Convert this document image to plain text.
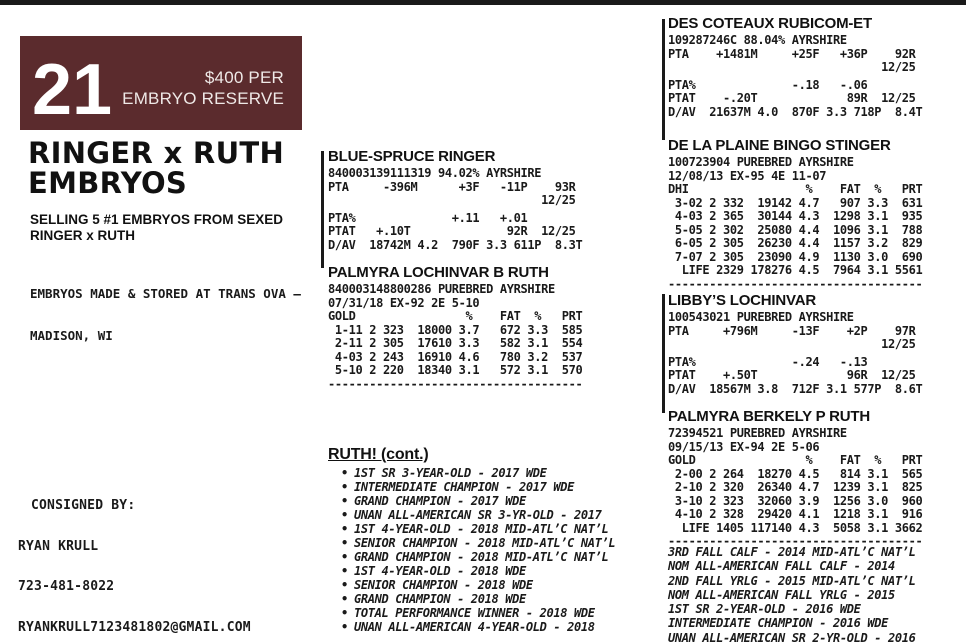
21	$400 PER
EMBRYO RESERVE
RINGER x RUTH
EMBRYOS
SELLING 5 #1 EMBRYOS FROM SEXED
RINGER x RUTH

EMBRYOS MADE & STORED AT TRANS OVA –

MADISON, WI

CONSIGNED BY:

RYAN KRULL

723-481-8022

RYANKRULL7123481802@GMAIL.COM

BLUE-SPRUCE RINGER
840003139111319 94.02% AYRSHIRE
PTA     -396M      +3F   -11P    93R
12/25
PTA%              +.11   +.01
PTAT   +.10T              92R  12/25
D/AV  18742M 4.2  790F 3.3 611P  8.3T
PALMYRA LOCHINVAR B RUTH
840003148800286 PUREBRED AYRSHIRE
07/31/18 EX-92 2E 5-10
GOLD                %    FAT  %   PRT
1-11 2 323  18000 3.7   672 3.3  585
2-11 2 305  17610 3.3   582 3.1  554
4-03 2 243  16910 4.6   780 3.2  537
5-10 2 220  18340 3.1   572 3.1  570
-------------------------------------
RUTH! (cont.)
• 1ST SR 3-YEAR-OLD - 2017 WDE
• INTERMEDIATE CHAMPION - 2017 WDE
• GRAND CHAMPION - 2017 WDE
• UNAN ALL-AMERICAN SR 3-YR-OLD - 2017
• 1ST 4-YEAR-OLD - 2018 MID-ATL’C NAT’L
• SENIOR CHAMPION - 2018 MID-ATL’C NAT’L
• GRAND CHAMPION - 2018 MID-ATL’C NAT’L
• 1ST 4-YEAR-OLD - 2018 WDE
• SENIOR CHAMPION - 2018 WDE
• GRAND CHAMPION - 2018 WDE
• TOTAL PERFORMANCE WINNER - 2018 WDE
• UNAN ALL-AMERICAN 4-YEAR-OLD - 2018
DES COTEAUX RUBICOM-ET
109287246C 88.04% AYRSHIRE
PTA    +1481M     +25F   +36P    92R
12/25
PTA%              -.18   -.06
PTAT    -.20T             89R  12/25
D/AV  21637M 4.0  870F 3.3 718P  8.4T
DE LA PLAINE BINGO STINGER
100723904 PUREBRED AYRSHIRE
12/08/13 EX-95 4E 11-07
DHI                 %    FAT  %   PRT
3-02 2 332  19142 4.7   907 3.3  631
4-03 2 365  30144 4.3  1298 3.1  935
5-05 2 302  25080 4.4  1096 3.1  788
6-05 2 305  26230 4.4  1157 3.2  829
7-07 2 305  23090 4.9  1130 3.0  690
LIFE 2329 178276 4.5  7964 3.1 5561
-------------------------------------
LIBBY’S LOCHINVAR
100543021 PUREBRED AYRSHIRE
PTA     +796M     -13F    +2P    97R
12/25
PTA%              -.24   -.13
PTAT    +.50T             96R  12/25
D/AV  18567M 3.8  712F 3.1 577P  8.6T
PALMYRA BERKELY P RUTH
72394521 PUREBRED AYRSHIRE
09/15/13 EX-94 2E 5-06
GOLD                %    FAT  %   PRT
2-00 2 264  18270 4.5   814 3.1  565
2-10 2 320  26340 4.7  1239 3.1  825
3-10 2 323  32060 3.9  1256 3.0  960
4-10 2 328  29420 4.1  1218 3.1  916
LIFE 1405 117140 4.3  5058 3.1 3662
-------------------------------------
3RD FALL CALF - 2014 MID-ATL’C NAT’L
NOM ALL-AMERICAN FALL CALF - 2014
2ND FALL YRLG - 2015 MID-ATL’C NAT’L
NOM ALL-AMERICAN FALL YRLG - 2015
1ST SR 2-YEAR-OLD - 2016 WDE
INTERMEDIATE CHAMPION - 2016 WDE
UNAN ALL-AMERICAN SR 2-YR-OLD - 2016
